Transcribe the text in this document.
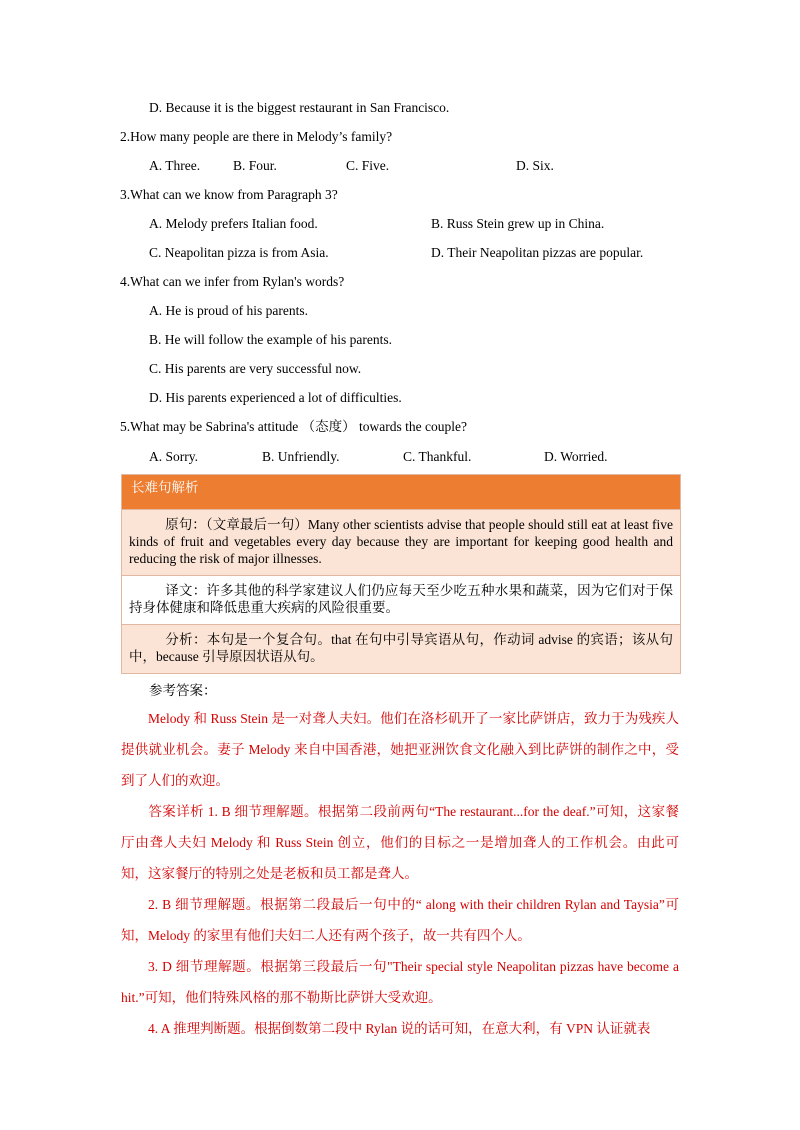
D. Because it is the biggest restaurant in San Francisco.
2.How many people are there in Melody’s family?
A. Three. B. Four.	C. Five.	D. Six.
3.What can we know from Paragraph 3?
A. Melody prefers Italian food.	B. Russ Stein grew up in China.
C. Neapolitan pizza is from Asia.	D. Their Neapolitan pizzas are popular.
4.What can we infer from Rylan's words?
A. He is proud of his parents.
B. He will follow the example of his parents.
C. His parents are very successful now.
D. His parents experienced a lot of difficulties.
5.What may be Sabrina's attitude （态度） towards the couple?
A. Sorry.	B. Unfriendly.	C. Thankful.	D. Worried.
长难句解析
原句：（文章最后一句）Many other scientists advise that people should still eat at least five kinds of fruit and vegetables every day because they are important for keeping good health and reducing the risk of major illnesses.
译文：许多其他的科学家建议人们仍应每天至少吃五种水果和蔬菜，因为它们对于保持身体健康和降低患重大疾病的风险很重要。
分析：本句是一个复合句。that 在句中引导宾语从句，作动词 advise 的宾语；该从句中，because 引导原因状语从句。
参考答案：
Melody 和 Russ Stein 是一对聋人夫妇。他们在洛杉矶开了一家比萨饼店，致力于为残疾人提供就业机会。妻子 Melody 来自中国香港，她把亚洲饮食文化融入到比萨饼的制作之中，受到了人们的欢迎。
答案详析 1. B 细节理解题。根据第二段前两句“The restaurant...for the deaf.”可知，这家餐厅由聋人夫妇 Melody 和 Russ Stein 创立，他们的目标之一是增加聋人的工作机会。由此可知，这家餐厅的特别之处是老板和员工都是聋人。
2. B 细节理解题。根据第二段最后一句中的“ along with their children Rylan and Taysia”可知，Melody 的家里有他们夫妇二人还有两个孩子，故一共有四个人。
3. D 细节理解题。根据第三段最后一句"Their special style Neapolitan pizzas have become a hit.”可知，他们特殊风格的那不勒斯比萨饼大受欢迎。
4. A 推理判断题。根据倒数第二段中 Rylan 说的话可知，在意大利，有 VPN 认证就表
